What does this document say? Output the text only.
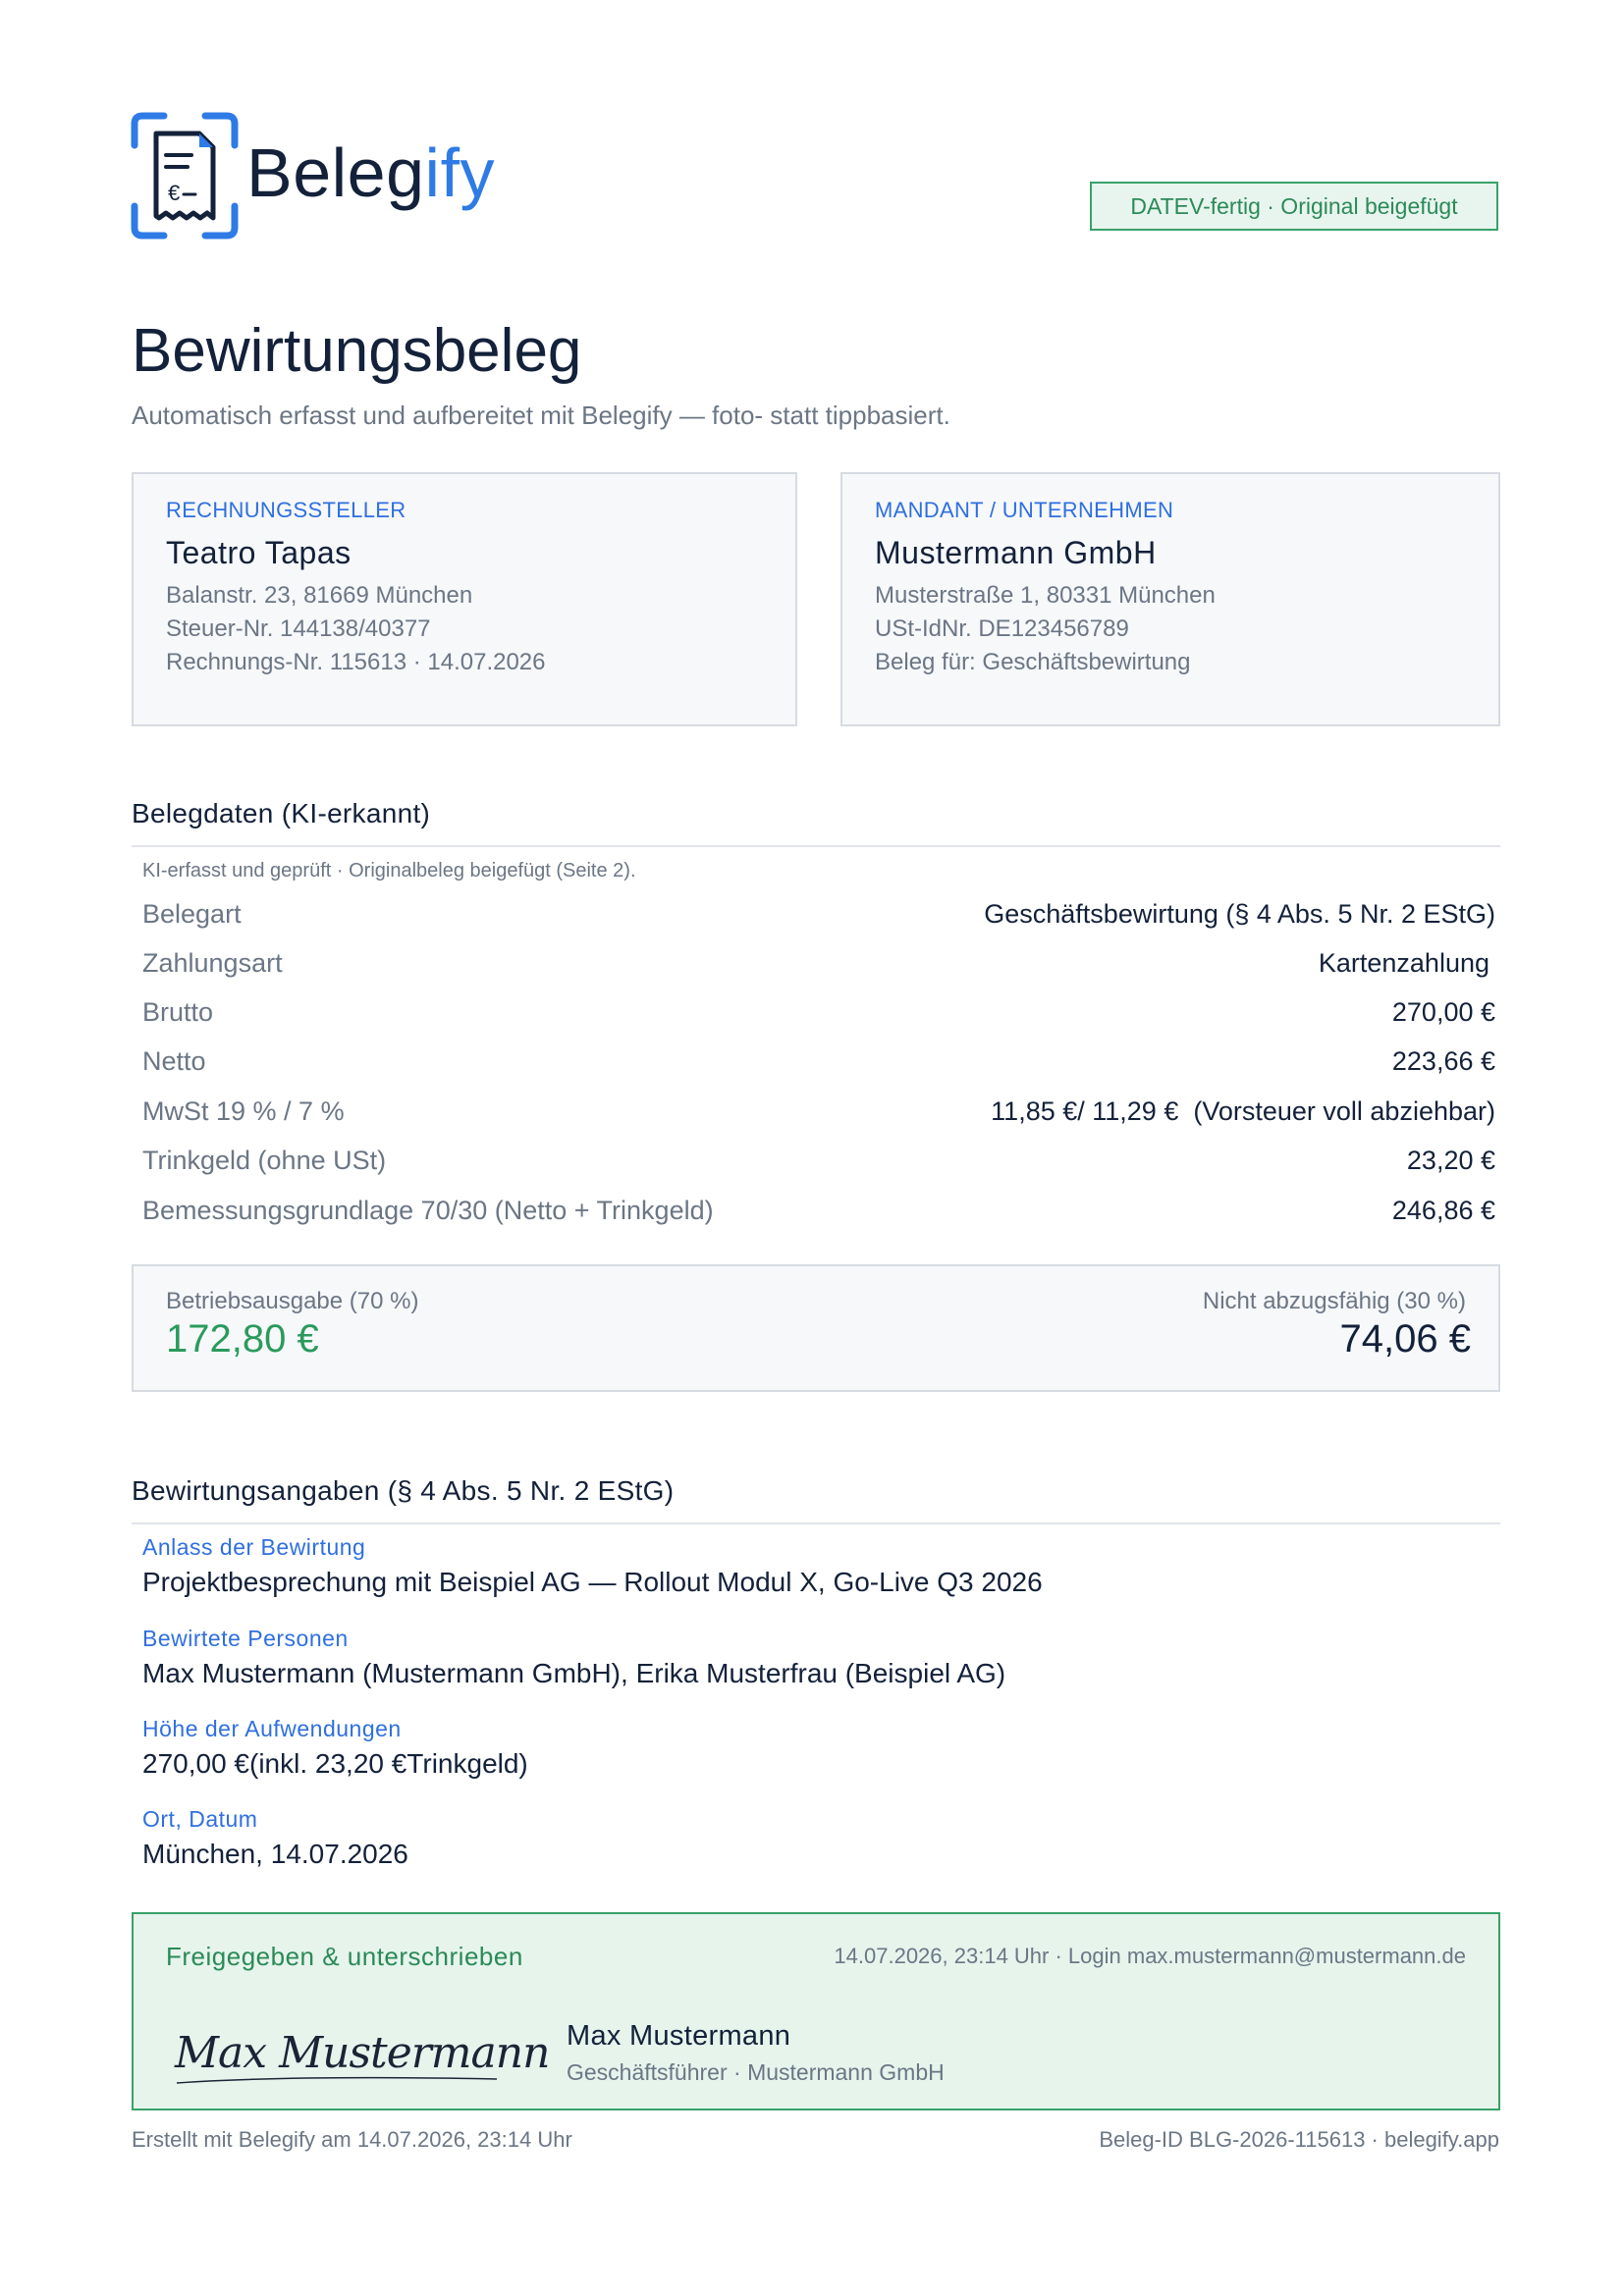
€ Belegify	DATEV-fertig · Original beigefügt
Bewirtungsbeleg
Automatisch erfasst und aufbereitet mit Belegify — foto- statt tippbasiert.
RECHNUNGSSTELLER
Teatro Tapas
Balanstr. 23, 81669 München
Steuer-Nr. 144138/40377
Rechnungs-Nr. 115613 · 14.07.2026
MANDANT / UNTERNEHMEN
Mustermann GmbH
Musterstraße 1, 80331 München
USt-IdNr. DE123456789
Beleg für: Geschäftsbewirtung
Belegdaten (KI-erkannt)
KI-erfasst und geprüft · Originalbeleg beigefügt (Seite 2).
Belegart	Geschäftsbewirtung (§ 4 Abs. 5 Nr. 2 EStG)
Zahlungsart	Kartenzahlung
Brutto	270,00 €
Netto	223,66 €
MwSt 19 % / 7 %	11,85 €/ 11,29 €  (Vorsteuer voll abziehbar)
Trinkgeld (ohne USt)	23,20 €
Bemessungsgrundlage 70/30 (Netto + Trinkgeld)	246,86 €
Betriebsausgabe (70 %)
172,80 €
Nicht abzugsfähig (30 %)
74,06 €
Bewirtungsangaben (§ 4 Abs. 5 Nr. 2 EStG)
Anlass der Bewirtung
Projektbesprechung mit Beispiel AG — Rollout Modul X, Go-Live Q3 2026
Bewirtete Personen
Max Mustermann (Mustermann GmbH), Erika Musterfrau (Beispiel AG)
Höhe der Aufwendungen
270,00 €(inkl. 23,20 €Trinkgeld)
Ort, Datum
München, 14.07.2026
Freigegeben & unterschrieben	14.07.2026, 23:14 Uhr · Login max.mustermann@mustermann.de
Max Mustermann Max Mustermann
Geschäftsführer · Mustermann GmbH
Erstellt mit Belegify am 14.07.2026, 23:14 Uhr	Beleg-ID BLG-2026-115613 · belegify.app
